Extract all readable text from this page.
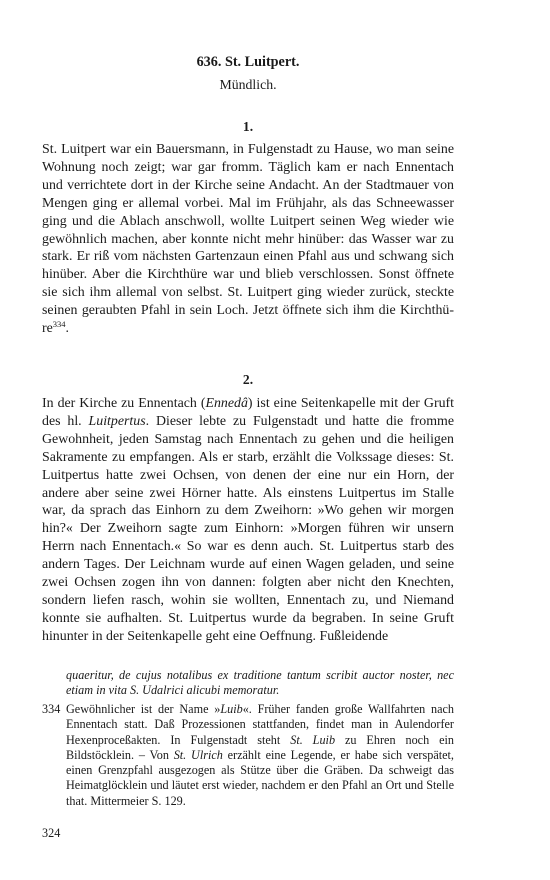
636. St. Luitpert.

Mündlich.

1.

St. Luitpert war ein Bauersmann, in Fulgenstadt zu Hause, wo man seine Wohnung noch zeigt; war gar fromm. Täglich kam er nach Ennentach und verrichtete dort in der Kirche seine Andacht. An der Stadtmauer von Mengen ging er allemal vorbei. Mal im Frühjahr, als das Schneewasser ging und die Ablach anschwoll, wollte Luitpert seinen Weg wieder wie gewöhnlich machen, aber konnte nicht mehr hinüber: das Wasser war zu stark. Er riß vom nächsten Gartenzaun einen Pfahl aus und schwang sich hinüber. Aber die Kirchthüre war und blieb verschlossen. Sonst öffnete sie sich ihm allemal von selbst. St. Luitpert ging wieder zurück, steckte seinen geraubten Pfahl in sein Loch. Jetzt öffnete sich ihm die Kirchthüre$^{334}$.

2.

In der Kirche zu Ennentach (Ennedâ) ist eine Seitenkapelle mit der Gruft des hl. Luitpertus. Dieser lebte zu Fulgenstadt und hatte die fromme Gewohnheit, jeden Samstag nach Ennentach zu gehen und die heiligen Sakramente zu empfangen. Als er starb, erzählt die Volkssage dieses: St. Luitpertus hatte zwei Ochsen, von denen der eine nur ein Horn, der andere aber seine zwei Hörner hatte. Als einstens Luitpertus im Stalle war, da sprach das Einhorn zu dem Zweihorn: »Wo gehen wir morgen hin?« Der Zweihorn sagte zum Einhorn: »Morgen führen wir unsern Herrn nach Ennentach.« So war es denn auch. St. Luitpertus starb des andern Tages. Der Leichnam wurde auf einen Wagen geladen, und seine zwei Ochsen zogen ihn von dannen: folgten aber nicht den Knechten, sondern liefen rasch, wohin sie wollten, Ennentach zu, und Niemand konnte sie aufhalten. St. Luitpertus wurde da begraben. In seine Gruft hinunter in der Seitenkapelle geht eine Oeffnung. Fußleidende

quaeritur, de cujus notalibus ex traditione tantum scribit auctor noster, nec etiam in vita S. Udalrici alicubi memoratur.

334 Gewöhnlicher ist der Name »Luib«. Früher fanden große Wallfahrten nach Ennentach statt. Daß Prozessionen stattfanden, findet man in Aulendorfer Hexenproceßakten. In Fulgenstadt steht St. Luib zu Ehren noch ein Bildstöcklein. – Von St. Ulrich erzählt eine Legende, er habe sich verspätet, einen Grenzpfahl ausgezogen als Stütze über die Gräben. Da schweigt das Heimatglöcklein und läutet erst wieder, nachdem er den Pfahl an Ort und Stelle that. Mittermeier S. 129.

324
